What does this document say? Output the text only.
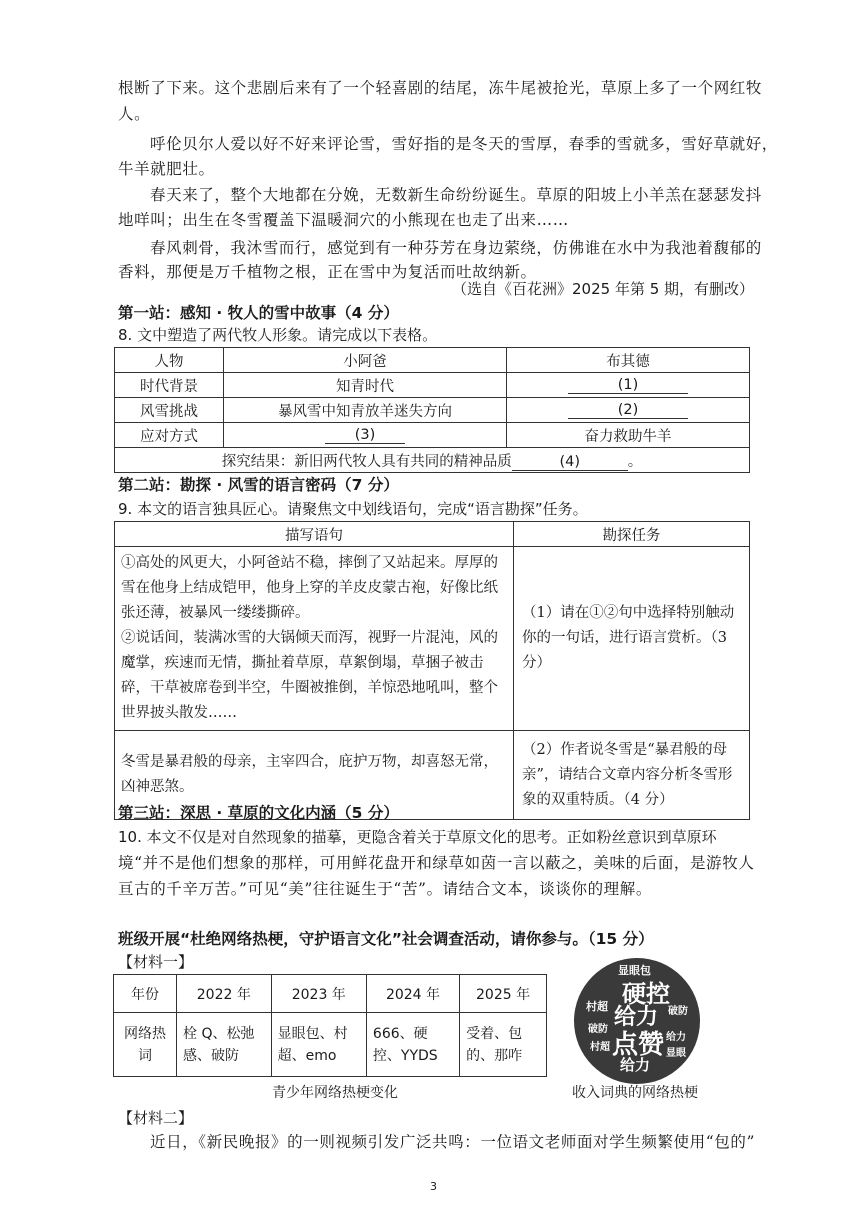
根断了下来。这个悲剧后来有了一个轻喜剧的结尾，冻牛尾被抢光，草原上多了一个网红牧
人。
呼伦贝尔人爱以好不好来评论雪，雪好指的是冬天的雪厚，春季的雪就多，雪好草就好，
牛羊就肥壮。
春天来了，整个大地都在分娩，无数新生命纷纷诞生。草原的阳坡上小羊羔在瑟瑟发抖
地咩叫；出生在冬雪覆盖下温暖洞穴的小熊现在也走了出来……
春风刺骨，我沐雪而行，感觉到有一种芬芳在身边萦绕，仿佛谁在水中为我池着馥郁的
香料，那便是万千植物之根，正在雪中为复活而吐故纳新。
（选自《百花洲》2025 年第 5 期，有删改）
第一站：感知 · 牧人的雪中故事（4 分）
8. 文中塑造了两代牧人形象。请完成以下表格。
人物	小阿爸	布其德
时代背景	知青时代	(1)
风雪挑战	暴风雪中知青放羊迷失方向	(2)
应对方式	(3)	奋力救助牛羊
探究结果：新旧两代牧人具有共同的精神品质 (4) 。		
第二站：勘探 · 风雪的语言密码（7 分）
9. 本文的语言独具匠心。请聚焦文中划线语句，完成“语言勘探”任务。
描写语句	勘探任务

①高处的风更大，小阿爸站不稳，摔倒了又站起来。厚厚的雪在他身上结成铠甲，他身上穿的羊皮皮蒙古袍，好像比纸张还薄，被暴风一缕缕撕碎。
②说话间，装满冰雪的大锅倾天而泻，视野一片混沌，风的魔掌，疾速而无情，撕扯着草原，草絮倒塌，草捆子被击碎，干草被席卷到半空，牛圈被推倒，羊惊恐地吼叫，整个世界披头散发……	（1）请在①②句中选择特别触动你的一句话，进行语言赏析。（3 分）

冬雪是暴君般的母亲，主宰四合，庇护万物，却喜怒无常，凶神恶煞。	（2）作者说冬雪是“暴君般的母亲”，请结合文章内容分析冬雪形象的双重特质。（4 分）
第三站：深思 · 草原的文化内涵（5 分）
10. 本文不仅是对自然现象的描摹，更隐含着关于草原文化的思考。正如粉丝意识到草原环
境“并不是他们想象的那样，可用鲜花盘开和绿草如茵一言以蔽之，美味的后面，是游牧人
亘古的千辛万苦。”可见“美”往往诞生于“苦”。请结合文本，谈谈你的理解。
班级开展“杜绝网络热梗，守护语言文化”社会调查活动，请你参与。（15 分）
【材料一】
年份	2022 年	2023 年	2024 年	2025 年
网络热词	栓 Q、松弛感、破防	显眼包、村超、emo	666、硬控、YYDS	受着、包的、那咋
青少年网络热梗变化
显眼包
硬控
给力
村超	破防
点赞 给力
破防
村超
显眼
给力
收入词典的网络热梗
【材料二】
近日，《新民晚报》的一则视频引发广泛共鸣：一位语文老师面对学生频繁使用“包的”
3
